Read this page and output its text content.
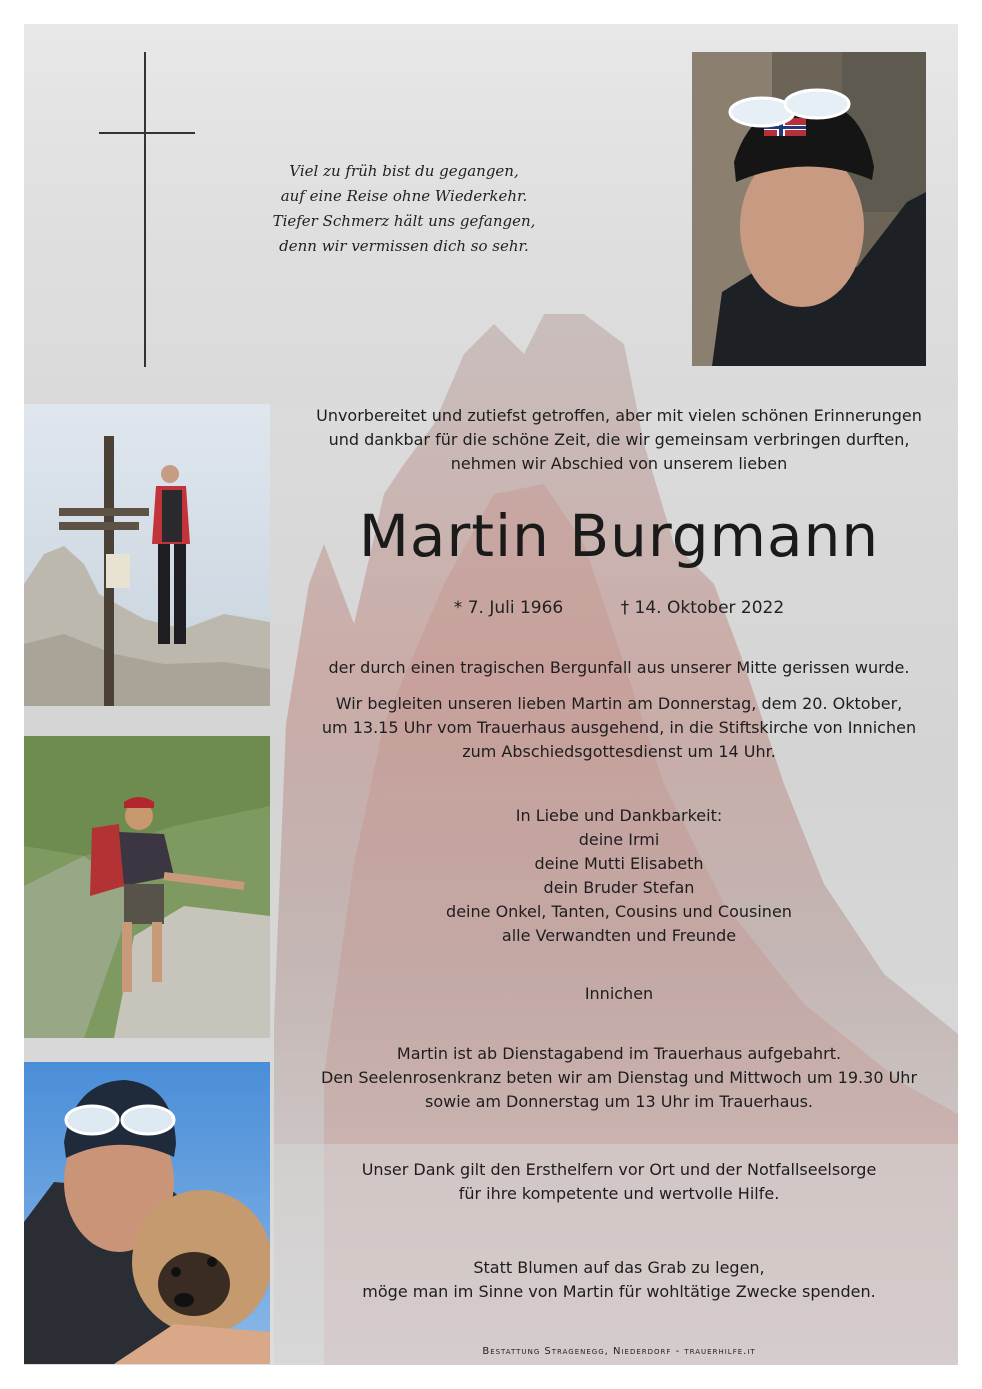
Viel zu früh bist du gegangen,
auf eine Reise ohne Wiederkehr.
Tiefer Schmerz hält uns gefangen,
denn wir vermissen dich so sehr.
Unvorbereitet und zutiefst getroffen, aber mit vielen schönen Erinnerungen
und dankbar für die schöne Zeit, die wir gemeinsam verbringen durften,
nehmen wir Abschied von unserem lieben
Martin Burgmann
* 7. Juli 1966	† 14. Oktober 2022
der durch einen tragischen Bergunfall aus unserer Mitte gerissen wurde.
Wir begleiten unseren lieben Martin am Donnerstag, dem 20. Oktober,
um 13.15 Uhr vom Trauerhaus ausgehend, in die Stiftskirche von Innichen
zum Abschiedsgottesdienst um 14 Uhr.
In Liebe und Dankbarkeit:
deine Irmi
deine Mutti Elisabeth
dein Bruder Stefan
deine Onkel, Tanten, Cousins und Cousinen
alle Verwandten und Freunde
Innichen
Martin ist ab Dienstagabend im Trauerhaus aufgebahrt.
Den Seelenrosenkranz beten wir am Dienstag und Mittwoch um 19.30 Uhr
sowie am Donnerstag um 13 Uhr im Trauerhaus.
Unser Dank gilt den Ersthelfern vor Ort und der Notfallseelsorge
für ihre kompetente und wertvolle Hilfe.
Statt Blumen auf das Grab zu legen,
möge man im Sinne von Martin für wohltätige Zwecke spenden.
Bestattung Stragenegg, Niederdorf - trauerhilfe.it
